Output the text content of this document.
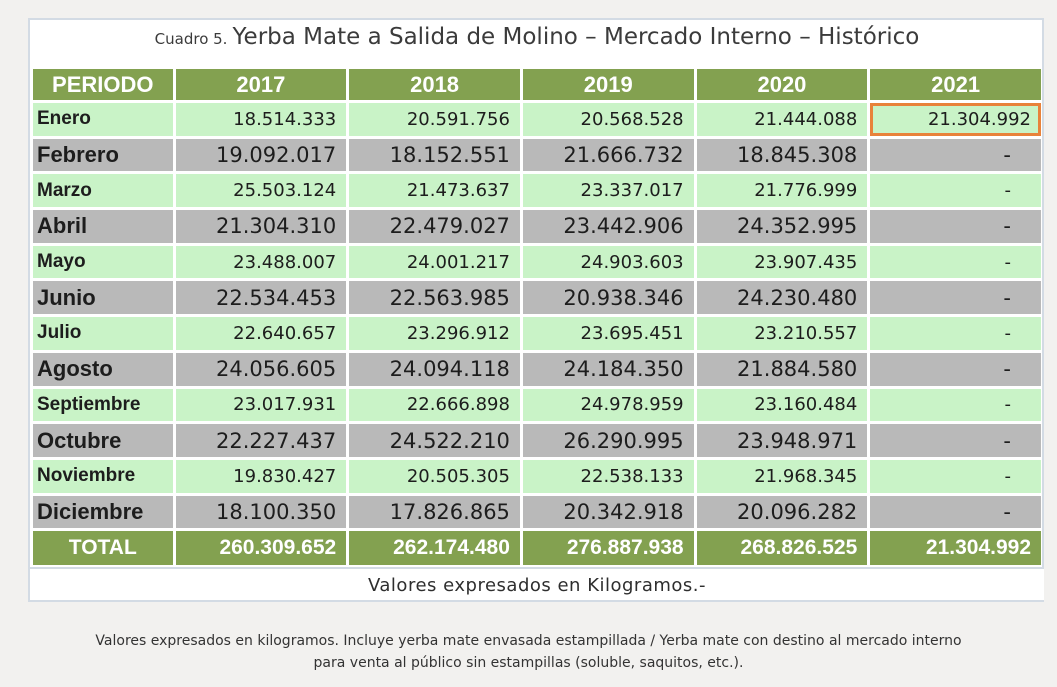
Cuadro 5. Yerba Mate a Salida de Molino – Mercado Interno – Histórico
PERIODO	2017	2018	2019	2020	2021
Enero	18.514.333	20.591.756	20.568.528	21.444.088	21.304.992
Febrero	19.092.017	18.152.551	21.666.732	18.845.308	-
Marzo	25.503.124	21.473.637	23.337.017	21.776.999	-
Abril	21.304.310	22.479.027	23.442.906	24.352.995	-
Mayo	23.488.007	24.001.217	24.903.603	23.907.435	-
Junio	22.534.453	22.563.985	20.938.346	24.230.480	-
Julio	22.640.657	23.296.912	23.695.451	23.210.557	-
Agosto	24.056.605	24.094.118	24.184.350	21.884.580	-
Septiembre	23.017.931	22.666.898	24.978.959	23.160.484	-
Octubre	22.227.437	24.522.210	26.290.995	23.948.971	-
Noviembre	19.830.427	20.505.305	22.538.133	21.968.345	-
Diciembre	18.100.350	17.826.865	20.342.918	20.096.282	-
TOTAL	260.309.652	262.174.480	276.887.938	268.826.525	21.304.992
Valores expresados en Kilogramos.-
Valores expresados en kilogramos. Incluye yerba mate envasada estampillada / Yerba mate con destino al mercado interno
para venta al público sin estampillas (soluble, saquitos, etc.).
